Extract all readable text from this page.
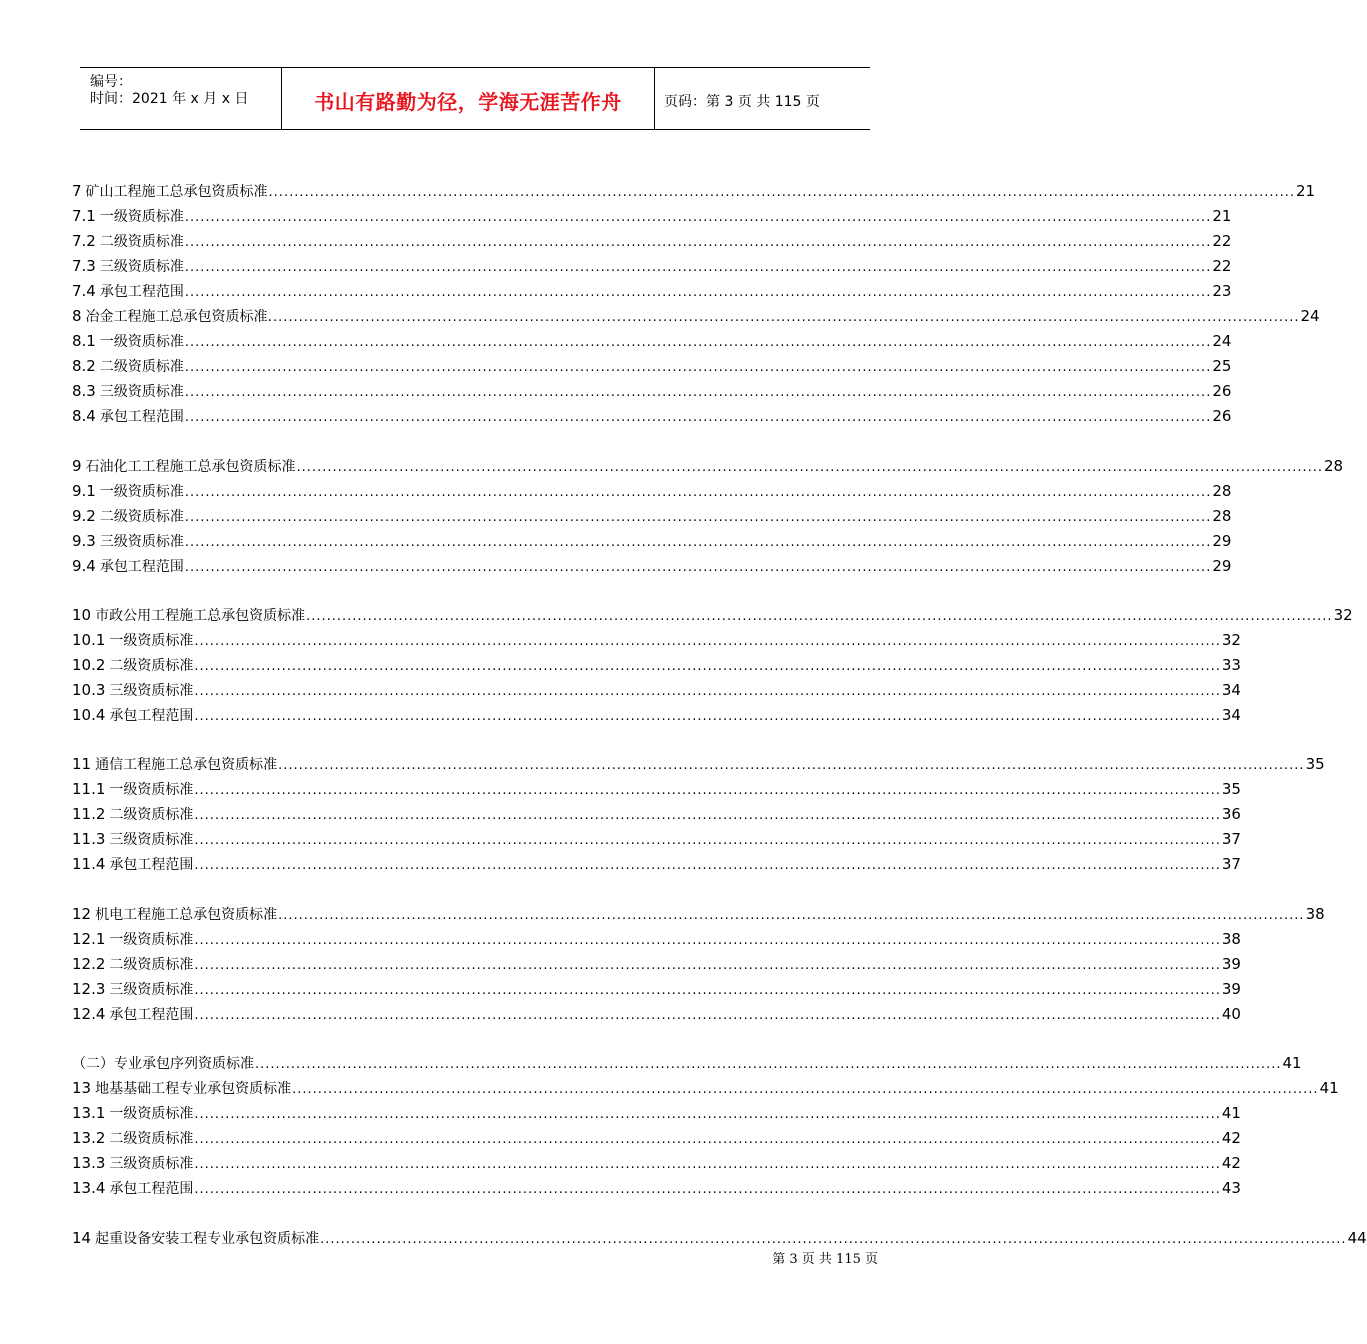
编号：
时间：2021 年 x 月 x 日	书山有路勤为径，学海无涯苦作舟	页码：第 3 页 共 115 页
7 矿山工程施工总承包资质标准 ........................................................................................................................................................................................................ 21
7.1 一级资质标准 ........................................................................................................................................................................................................ 21
7.2 二级资质标准 ........................................................................................................................................................................................................ 22
7.3 三级资质标准 ........................................................................................................................................................................................................ 22
7.4 承包工程范围 ........................................................................................................................................................................................................ 23
8 冶金工程施工总承包资质标准. ........................................................................................................................................................................................................ 24
8.1 一级资质标准 ........................................................................................................................................................................................................ 24
8.2 二级资质标准 ........................................................................................................................................................................................................ 25
8.3 三级资质标准 ........................................................................................................................................................................................................ 26
8.4 承包工程范围 ........................................................................................................................................................................................................ 26
9 石油化工工程施工总承包资质标准 ........................................................................................................................................................................................................ 28
9.1 一级资质标准 ........................................................................................................................................................................................................ 28
9.2 二级资质标准 ........................................................................................................................................................................................................ 28
9.3 三级资质标准 ........................................................................................................................................................................................................ 29
9.4 承包工程范围 ........................................................................................................................................................................................................ 29
10 市政公用工程施工总承包资质标准 ........................................................................................................................................................................................................ 32
10.1 一级资质标准 ........................................................................................................................................................................................................ 32
10.2 二级资质标准 ........................................................................................................................................................................................................ 33
10.3 三级资质标准 ........................................................................................................................................................................................................ 34
10.4 承包工程范围 ........................................................................................................................................................................................................ 34
11 通信工程施工总承包资质标准 ........................................................................................................................................................................................................ 35
11.1 一级资质标准 ........................................................................................................................................................................................................ 35
11.2 二级资质标准 ........................................................................................................................................................................................................ 36
11.3 三级资质标准 ........................................................................................................................................................................................................ 37
11.4 承包工程范围 ........................................................................................................................................................................................................ 37
12 机电工程施工总承包资质标准 ........................................................................................................................................................................................................ 38
12.1 一级资质标准 ........................................................................................................................................................................................................ 38
12.2 二级资质标准 ........................................................................................................................................................................................................ 39
12.3 三级资质标准 ........................................................................................................................................................................................................ 39
12.4 承包工程范围 ........................................................................................................................................................................................................ 40
（二）专业承包序列资质标准 ........................................................................................................................................................................................................ 41
13 地基基础工程专业承包资质标准 ........................................................................................................................................................................................................ 41
13.1 一级资质标准 ........................................................................................................................................................................................................ 41
13.2 二级资质标准 ........................................................................................................................................................................................................ 42
13.3 三级资质标准 ........................................................................................................................................................................................................ 42
13.4 承包工程范围 ........................................................................................................................................................................................................ 43
14 起重设备安装工程专业承包资质标准 ........................................................................................................................................................................................................ 44
第 3 页 共 115 页
